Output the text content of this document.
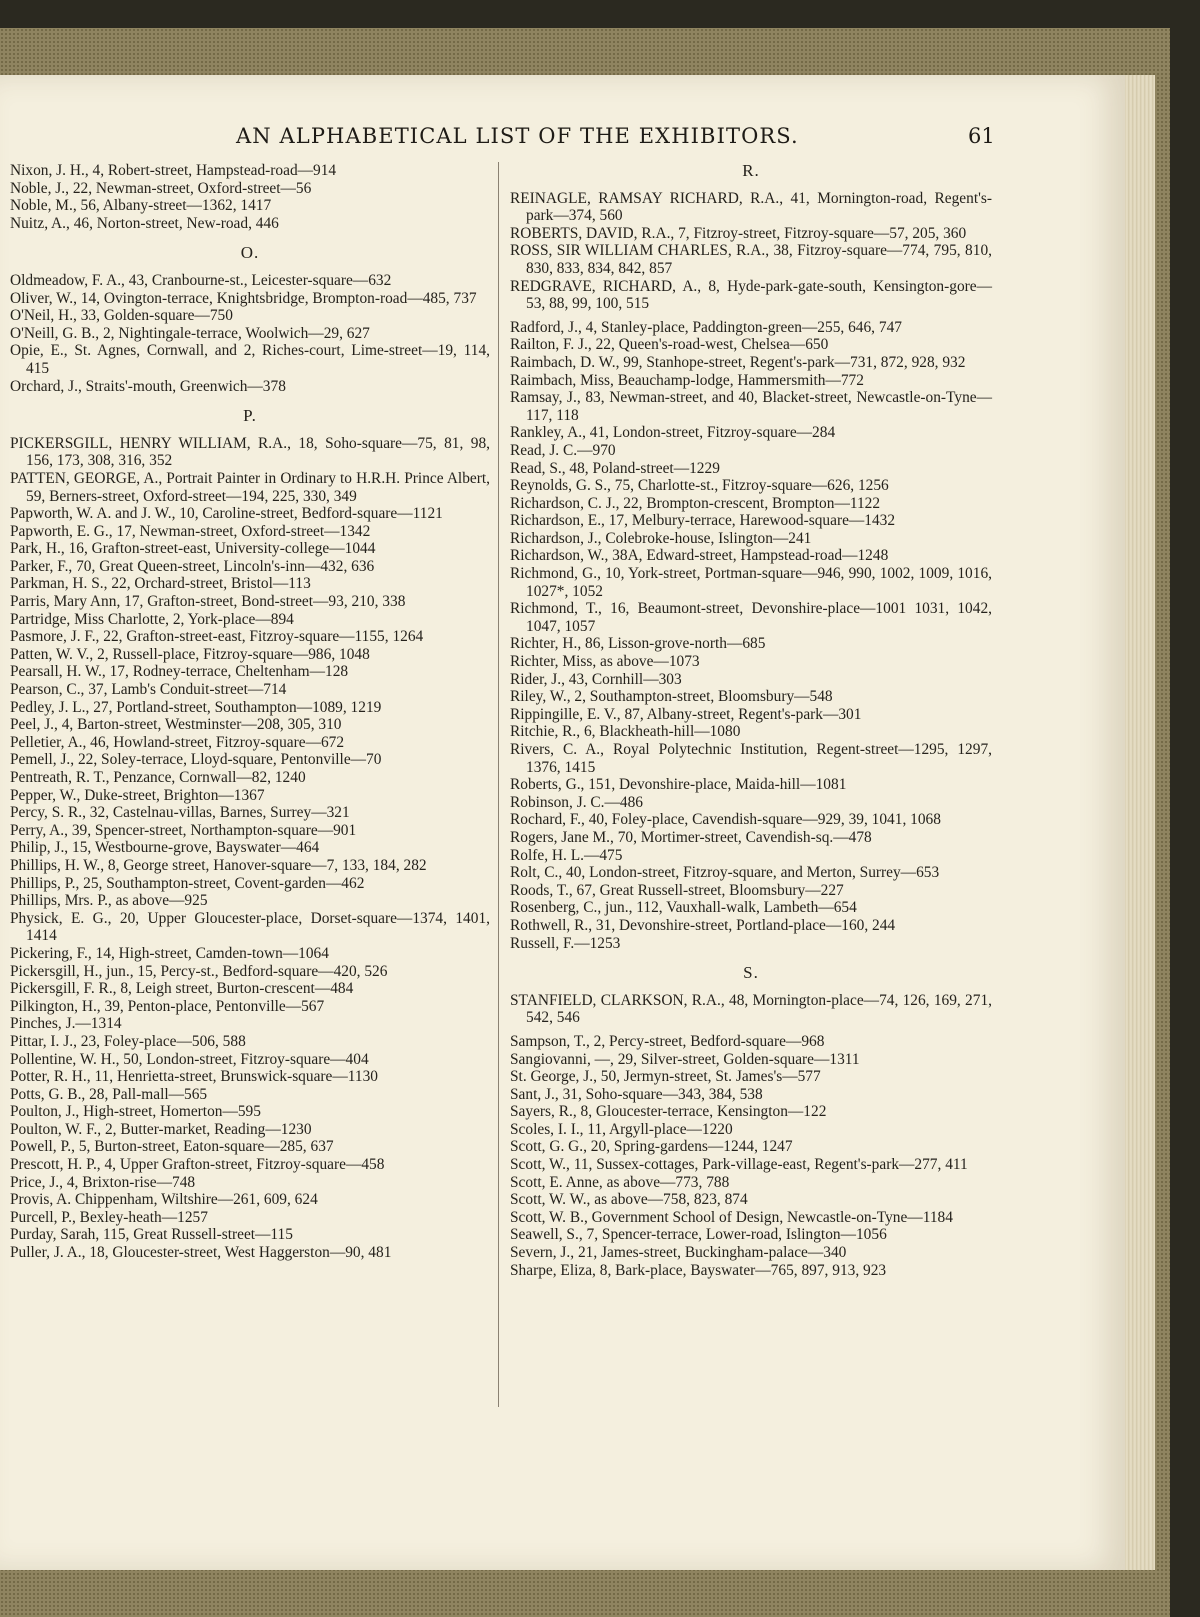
AN ALPHABETICAL LIST OF THE EXHIBITORS.	61
Nixon, J. H., 4, Robert-street, Hampstead-road—914
Noble, J., 22, Newman-street, Oxford-street—56
Noble, M., 56, Albany-street—1362, 1417
Nuitz, A., 46, Norton-street, New-road, 446
O.
Oldmeadow, F. A., 43, Cranbourne-st., Leicester-square—632
Oliver, W., 14, Ovington-terrace, Knightsbridge, Brompton-road—485, 737
O'Neil, H., 33, Golden-square—750
O'Neill, G. B., 2, Nightingale-terrace, Woolwich—29, 627
Opie, E., St. Agnes, Cornwall, and 2, Riches-court, Lime-street—19, 114, 415
Orchard, J., Straits'-mouth, Greenwich—378
P.
PICKERSGILL, HENRY WILLIAM, R.A., 18, Soho-square—75, 81, 98, 156, 173, 308, 316, 352
PATTEN, GEORGE, A., Portrait Painter in Ordinary to H.R.H. Prince Albert, 59, Berners-street, Oxford-street—194, 225, 330, 349
Papworth, W. A. and J. W., 10, Caroline-street, Bedford-square—1121
Papworth, E. G., 17, Newman-street, Oxford-street—1342
Park, H., 16, Grafton-street-east, University-college—1044
Parker, F., 70, Great Queen-street, Lincoln's-inn—432, 636
Parkman, H. S., 22, Orchard-street, Bristol—113
Parris, Mary Ann, 17, Grafton-street, Bond-street—93, 210, 338
Partridge, Miss Charlotte, 2, York-place—894
Pasmore, J. F., 22, Grafton-street-east, Fitzroy-square—1155, 1264
Patten, W. V., 2, Russell-place, Fitzroy-square—986, 1048
Pearsall, H. W., 17, Rodney-terrace, Cheltenham—128
Pearson, C., 37, Lamb's Conduit-street—714
Pedley, J. L., 27, Portland-street, Southampton—1089, 1219
Peel, J., 4, Barton-street, Westminster—208, 305, 310
Pelletier, A., 46, Howland-street, Fitzroy-square—672
Pemell, J., 22, Soley-terrace, Lloyd-square, Pentonville—70
Pentreath, R. T., Penzance, Cornwall—82, 1240
Pepper, W., Duke-street, Brighton—1367
Percy, S. R., 32, Castelnau-villas, Barnes, Surrey—321
Perry, A., 39, Spencer-street, Northampton-square—901
Philip, J., 15, Westbourne-grove, Bayswater—464
Phillips, H. W., 8, George street, Hanover-square—7, 133, 184, 282
Phillips, P., 25, Southampton-street, Covent-garden—462
Phillips, Mrs. P., as above—925
Physick, E. G., 20, Upper Gloucester-place, Dorset-square—1374, 1401, 1414
Pickering, F., 14, High-street, Camden-town—1064
Pickersgill, H., jun., 15, Percy-st., Bedford-square—420, 526
Pickersgill, F. R., 8, Leigh street, Burton-crescent—484
Pilkington, H., 39, Penton-place, Pentonville—567
Pinches, J.—1314
Pittar, I. J., 23, Foley-place—506, 588
Pollentine, W. H., 50, London-street, Fitzroy-square—404
Potter, R. H., 11, Henrietta-street, Brunswick-square—1130
Potts, G. B., 28, Pall-mall—565
Poulton, J., High-street, Homerton—595
Poulton, W. F., 2, Butter-market, Reading—1230
Powell, P., 5, Burton-street, Eaton-square—285, 637
Prescott, H. P., 4, Upper Grafton-street, Fitzroy-square—458
Price, J., 4, Brixton-rise—748
Provis, A. Chippenham, Wiltshire—261, 609, 624
Purcell, P., Bexley-heath—1257
Purday, Sarah, 115, Great Russell-street—115
Puller, J. A., 18, Gloucester-street, West Haggerston—90, 481
R.
REINAGLE, RAMSAY RICHARD, R.A., 41, Mornington-road, Regent's-park—374, 560
ROBERTS, DAVID, R.A., 7, Fitzroy-street, Fitzroy-square—57, 205, 360
ROSS, SIR WILLIAM CHARLES, R.A., 38, Fitzroy-square—774, 795, 810, 830, 833, 834, 842, 857
REDGRAVE, RICHARD, A., 8, Hyde-park-gate-south, Kensington-gore—53, 88, 99, 100, 515
Radford, J., 4, Stanley-place, Paddington-green—255, 646, 747
Railton, F. J., 22, Queen's-road-west, Chelsea—650
Raimbach, D. W., 99, Stanhope-street, Regent's-park—731, 872, 928, 932
Raimbach, Miss, Beauchamp-lodge, Hammersmith—772
Ramsay, J., 83, Newman-street, and 40, Blacket-street, Newcastle-on-Tyne—117, 118
Rankley, A., 41, London-street, Fitzroy-square—284
Read, J. C.—970
Read, S., 48, Poland-street—1229
Reynolds, G. S., 75, Charlotte-st., Fitzroy-square—626, 1256
Richardson, C. J., 22, Brompton-crescent, Brompton—1122
Richardson, E., 17, Melbury-terrace, Harewood-square—1432
Richardson, J., Colebroke-house, Islington—241
Richardson, W., 38A, Edward-street, Hampstead-road—1248
Richmond, G., 10, York-street, Portman-square—946, 990, 1002, 1009, 1016, 1027*, 1052
Richmond, T., 16, Beaumont-street, Devonshire-place—1001 1031, 1042, 1047, 1057
Richter, H., 86, Lisson-grove-north—685
Richter, Miss, as above—1073
Rider, J., 43, Cornhill—303
Riley, W., 2, Southampton-street, Bloomsbury—548
Rippingille, E. V., 87, Albany-street, Regent's-park—301
Ritchie, R., 6, Blackheath-hill—1080
Rivers, C. A., Royal Polytechnic Institution, Regent-street—1295, 1297, 1376, 1415
Roberts, G., 151, Devonshire-place, Maida-hill—1081
Robinson, J. C.—486
Rochard, F., 40, Foley-place, Cavendish-square—929, 39, 1041, 1068
Rogers, Jane M., 70, Mortimer-street, Cavendish-sq.—478
Rolfe, H. L.—475
Rolt, C., 40, London-street, Fitzroy-square, and Merton, Surrey—653
Roods, T., 67, Great Russell-street, Bloomsbury—227
Rosenberg, C., jun., 112, Vauxhall-walk, Lambeth—654
Rothwell, R., 31, Devonshire-street, Portland-place—160, 244
Russell, F.—1253
S.
STANFIELD, CLARKSON, R.A., 48, Mornington-place—74, 126, 169, 271, 542, 546
Sampson, T., 2, Percy-street, Bedford-square—968
Sangiovanni, —, 29, Silver-street, Golden-square—1311
St. George, J., 50, Jermyn-street, St. James's—577
Sant, J., 31, Soho-square—343, 384, 538
Sayers, R., 8, Gloucester-terrace, Kensington—122
Scoles, I. I., 11, Argyll-place—1220
Scott, G. G., 20, Spring-gardens—1244, 1247
Scott, W., 11, Sussex-cottages, Park-village-east, Regent's-park—277, 411
Scott, E. Anne, as above—773, 788
Scott, W. W., as above—758, 823, 874
Scott, W. B., Government School of Design, Newcastle-on-Tyne—1184
Seawell, S., 7, Spencer-terrace, Lower-road, Islington—1056
Severn, J., 21, James-street, Buckingham-palace—340
Sharpe, Eliza, 8, Bark-place, Bayswater—765, 897, 913, 923
